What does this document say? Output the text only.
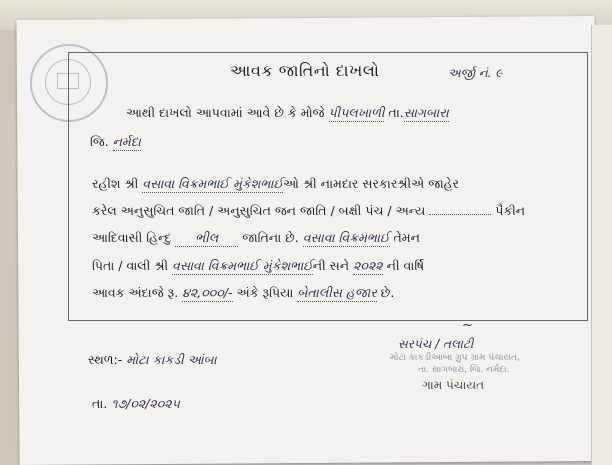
આવક જાતિનો દાખલો	અર્જી નં. ૯
આથી દાખલો આપવામાં આવે છે કે મોજે પીપલખાળી તા.સાગબારા
જિ. નર્મદા
રહીશ શ્રી વસાવા વિક્રમભાઈ મુંકેશભાઈઓ શ્રી નામદાર સરકારશ્રીએ જાહેર
કરેલ અનુસુચિત જાતિ / અનુસુચિત જન જાતિ / બક્ષી પંચ / અન્ય	પૈકીન
આદિવાસી હિન્દુ ભીલ જાતિના છે. વસાવા વિક્રમભાઈ તેમન
પિતા / વાલી શ્રી વસાવા વિક્રમભાઈ મુંકેશભાઈની સને ૨૦૨૨ ની વાર્ષિ
આવક અંદાજે રૂ. ૪૨,૦૦૦/- અંકે રૂપિયા બેતાલીસ હજાર છે.
~
સરપંચ / તલાટી
મોટા કાકડીઆંબા ગ્રુપ ગ્રામ પંચાયત,
તા. સાગબારા, જિ. નર્મદા.
ગામ પંચાયત
સ્થળ:- મોટા કાકડી આંબા
તા. ૧૭/૦૨/૨૦૨૫
